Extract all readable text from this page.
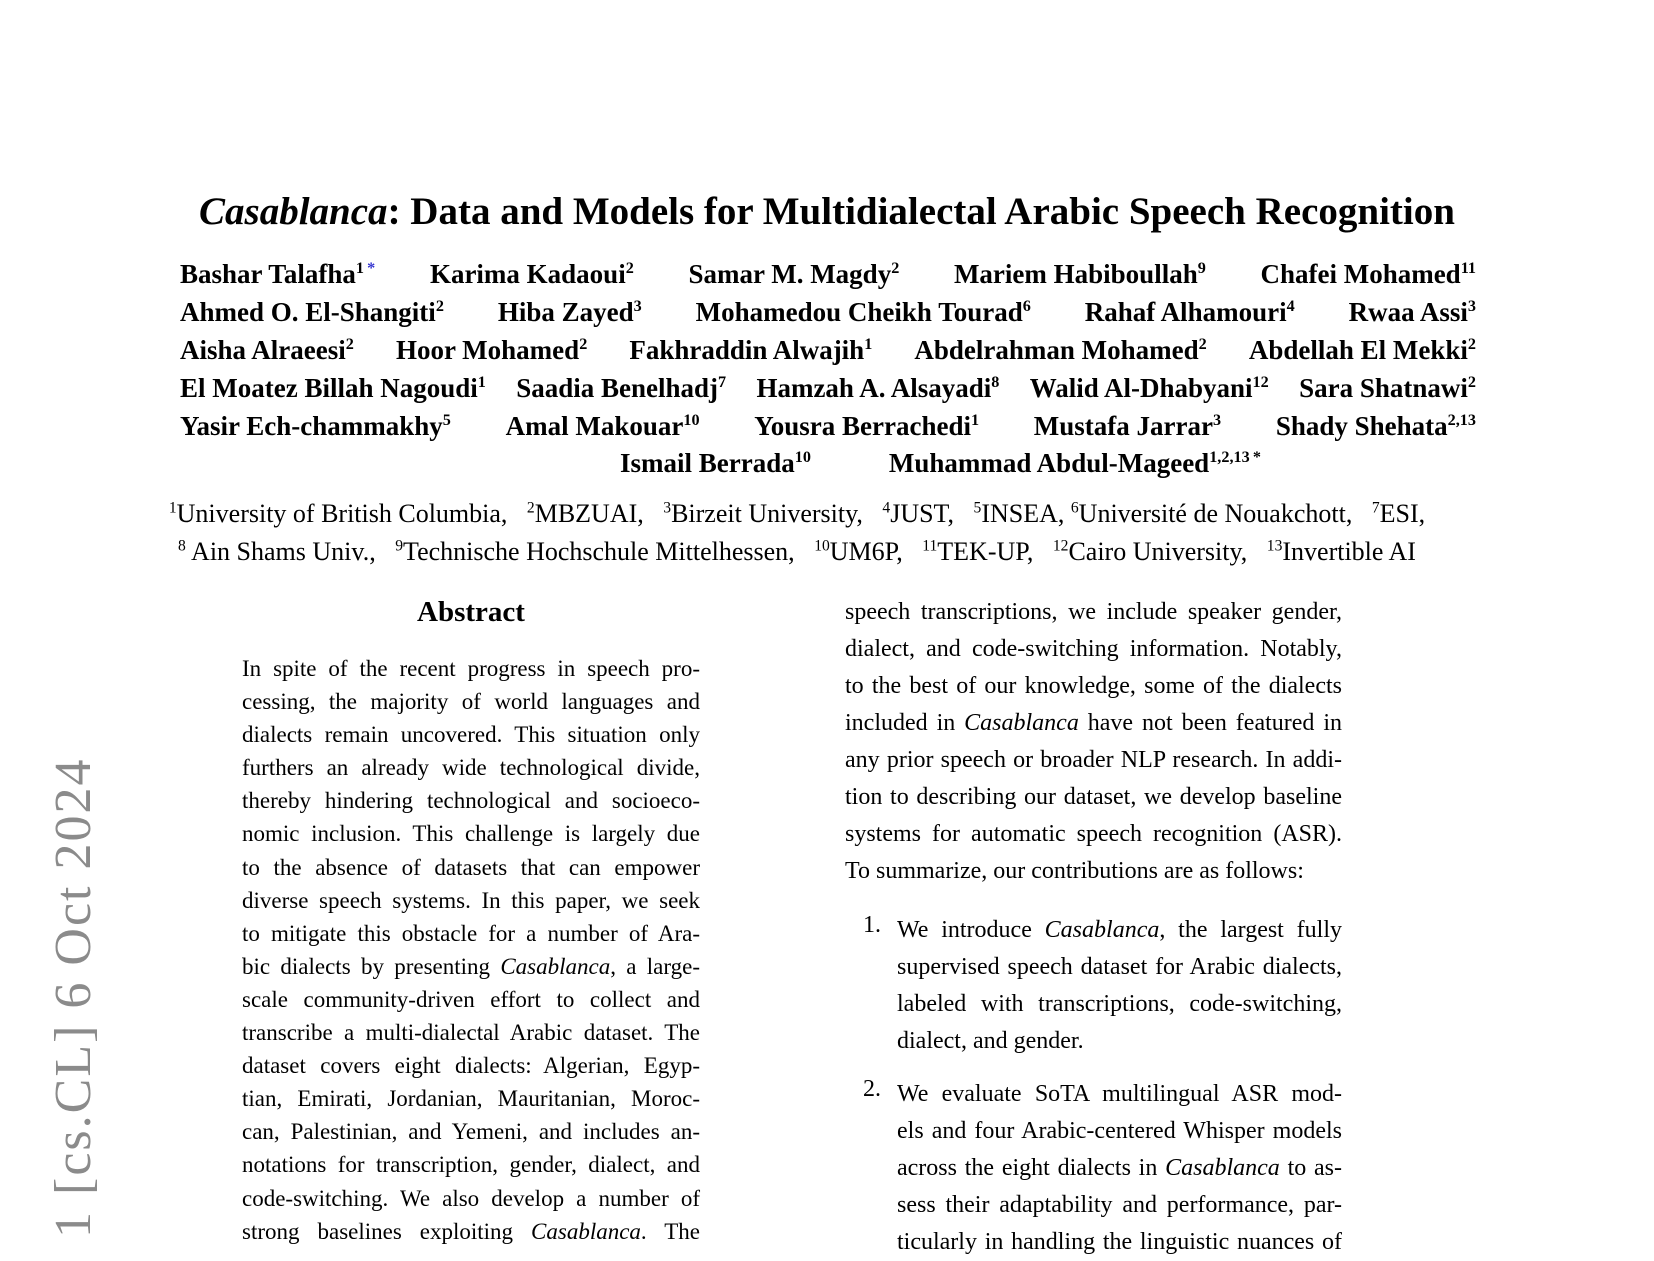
1 [cs.CL] 6 Oct 2024
Casablanca: Data and Models for Multidialectal Arabic Speech Recognition
Bashar Talafha$^1$ * Karima Kadaoui$^2$ Samar M. Magdy$^2$ Mariem Habiboullah$^9$ Chafei Mohamed$^{11}$
Ahmed O. El-Shangiti$^2$ Hiba Zayed$^3$ Mohamedou Cheikh Tourad$^6$ Rahaf Alhamouri$^4$ Rwaa Assi$^3$
Aisha Alraeesi$^2$ Hoor Mohamed$^2$ Fakhraddin Alwajih$^1$ Abdelrahman Mohamed$^2$ Abdellah El Mekki$^2$
El Moatez Billah Nagoudi$^1$ Saadia Benelhadj$^7$ Hamzah A. Alsayadi$^8$ Walid Al-Dhabyani$^{12}$ Sara Shatnawi$^2$
Yasir Ech-chammakhy$^5$ Amal Makouar$^{10}$ Yousra Berrachedi$^1$ Mustafa Jarrar$^3$ Shady Shehata$^{2,13}$
Ismail Berrada$^{10}$	Muhammad Abdul-Mageed$^{1,2,13 *}$
$^1$University of British Columbia,  $^2$MBZUAI,  $^3$Birzeit University,  $^4$JUST,  $^5$INSEA, $^6$Université de Nouakchott,  $^7$ESI,
$^8$ Ain Shams Univ.,  $^9$Technische Hochschule Mittelhessen,  $^{10}$UM6P,  $^{11}$TEK-UP,  $^{12}$Cairo University,  $^{13}$Invertible AI
Abstract
In spite of the recent progress in speech pro-
cessing, the majority of world languages and
dialects remain uncovered. This situation only
furthers an already wide technological divide,
thereby hindering technological and socioeco-
nomic inclusion. This challenge is largely due
to the absence of datasets that can empower
diverse speech systems. In this paper, we seek
to mitigate this obstacle for a number of Ara-
bic dialects by presenting Casablanca, a large-
scale community-driven effort to collect and
transcribe a multi-dialectal Arabic dataset. The
dataset covers eight dialects: Algerian, Egyp-
tian, Emirati, Jordanian, Mauritanian, Moroc-
can, Palestinian, and Yemeni, and includes an-
notations for transcription, gender, dialect, and
code-switching. We also develop a number of
strong baselines exploiting Casablanca. The
speech transcriptions, we include speaker gender,
dialect, and code-switching information. Notably,
to the best of our knowledge, some of the dialects
included in Casablanca have not been featured in
any prior speech or broader NLP research. In addi-
tion to describing our dataset, we develop baseline
systems for automatic speech recognition (ASR).
To summarize, our contributions are as follows:
1. We introduce Casablanca, the largest fully
supervised speech dataset for Arabic dialects,
labeled with transcriptions, code-switching,
dialect, and gender.
2. We evaluate SoTA multilingual ASR mod-
els and four Arabic-centered Whisper models
across the eight dialects in Casablanca to as-
sess their adaptability and performance, par-
ticularly in handling the linguistic nuances of
